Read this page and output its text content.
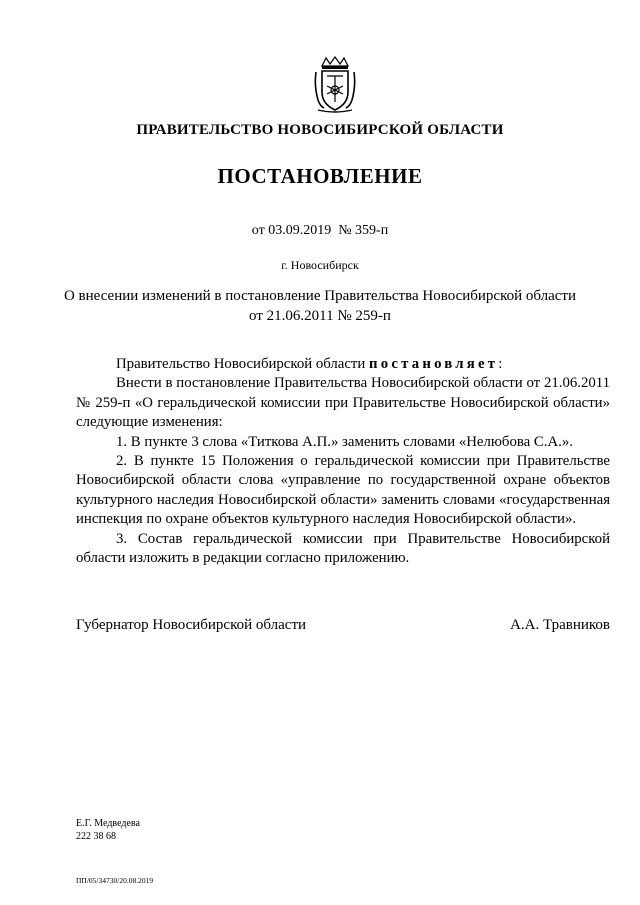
ПРАВИТЕЛЬСТВО НОВОСИБИРСКОЙ ОБЛАСТИ
ПОСТАНОВЛЕНИЕ
от 03.09.2019  № 359-п
г. Новосибирск
О внесении изменений в постановление Правительства Новосибирской области
от 21.06.2011 № 259-п

Правительство Новосибирской области постановляет:

Внести в постановление Правительства Новосибирской области от 21.06.2011 № 259-п «О геральдической комиссии при Правительстве Новосибирской области» следующие изменения:

1. В пункте 3 слова «Титкова А.П.» заменить словами «Нелюбова С.А.».

2. В пункте 15 Положения о геральдической комиссии при Правительстве Новосибирской области слова «управление по государственной охране объектов культурного наследия Новосибирской области» заменить словами «государственная инспекция по охране объектов культурного наследия Новосибирской области».

3. Состав геральдической комиссии при Правительстве Новосибирской области изложить в редакции согласно приложению.

Губернатор Новосибирской области	А.А. Травников
Е.Г. Медведева
222 38 68
ПП/05/34730/20.08.2019
